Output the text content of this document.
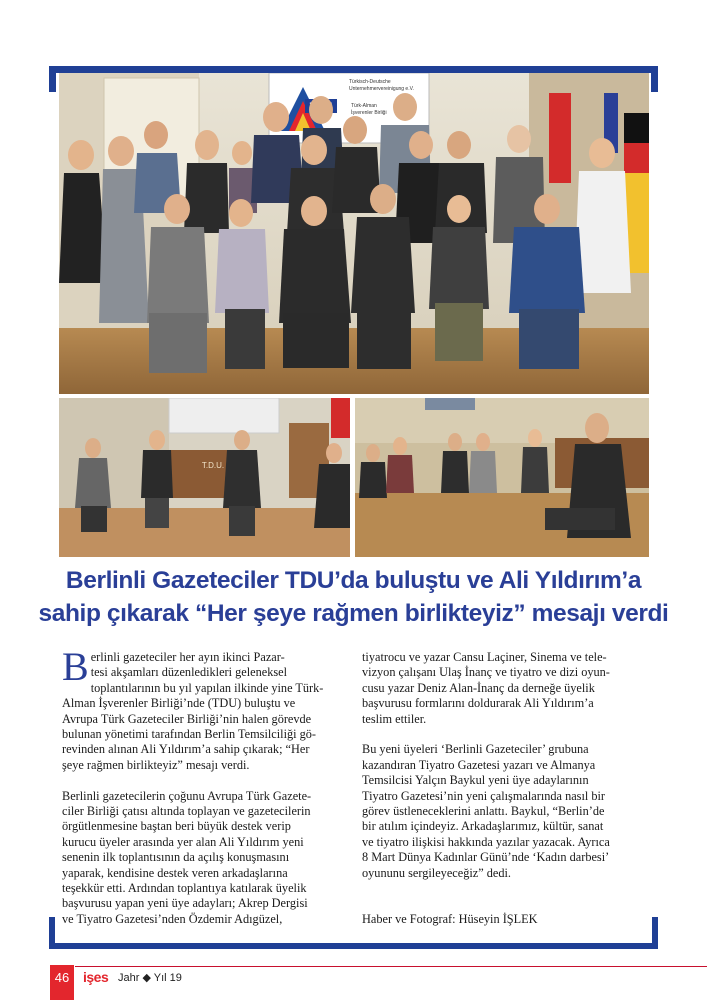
Türkisch-Deutsche
Unternehmervereinigung e.V.
Türk-Alman
İşverenler Birliği
T.D.U.
Berlinli Gazeteciler TDU’da buluştu ve Ali Yıldırım’a
sahip çıkarak “Her şeye rağmen birlikteyiz” mesajı verdi
B erlinli gazeteciler her ayın ikinci Pazar-

tesi akşamları düzenledikleri geleneksel

toplantılarının bu yıl yapılan ilkinde yine Türk-

Alman İşverenler Birliği’nde (TDU) buluştu ve

Avrupa Türk Gazeteciler Birliği’nin halen görevde

bulunan yönetimi tarafından Berlin Temsilciliği gö-

revinden alınan Ali Yıldırım’a sahip çıkarak; “Her

şeye rağmen birlikteyiz” mesajı verdi.

Berlinli gazetecilerin çoğunu Avrupa Türk Gazete-

ciler Birliği çatısı altında toplayan ve gazetecilerin

örgütlenmesine baştan beri büyük destek verip

kurucu üyeler arasında yer alan Ali Yıldırım yeni

senenin ilk toplantısının da açılış konuşmasını

yaparak, kendisine destek veren arkadaşlarına

teşekkür etti. Ardından toplantıya katılarak üyelik

başvurusu yapan yeni üye adayları; Akrep Dergisi

ve Tiyatro Gazetesi’nden Özdemir Adıgüzel,

tiyatrocu ve yazar Cansu Laçiner, Sinema ve tele-

vizyon çalışanı Ulaş İnanç ve tiyatro ve dizi oyun-

cusu yazar Deniz Alan-İnanç da derneğe üyelik

başvurusu formlarını doldurarak Ali Yıldırım’a

teslim ettiler.

Bu yeni üyeleri ‘Berlinli Gazeteciler’ grubuna

kazandıran Tiyatro Gazetesi yazarı ve Almanya

Temsilcisi Yalçın Baykul yeni üye adaylarının

Tiyatro Gazetesi’nin yeni çalışmalarında nasıl bir

görev üstleneceklerini anlattı. Baykul, “Berlin’de

bir atılım içindeyiz. Arkadaşlarımız, kültür, sanat

ve tiyatro ilişkisi hakkında yazılar yazacak. Ayrıca

8 Mart Dünya Kadınlar Günü’nde ‘Kadın darbesi’

oyununu sergileyeceğiz” dedi.

Haber ve Fotograf: Hüseyin İŞLEK

46 işes Jahr ◆ Yıl 19
